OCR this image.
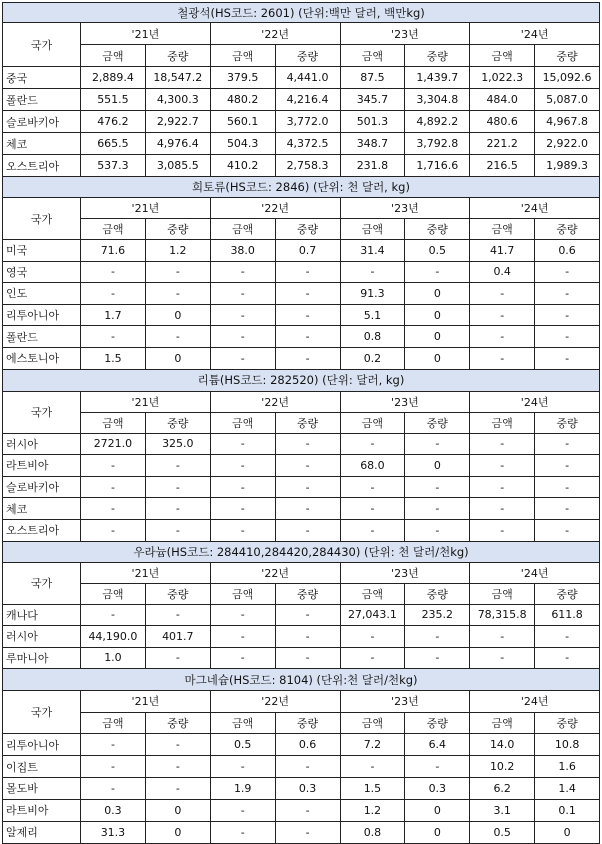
철광석(HS코드: 2601) (단위:백만 달러, 백만kg)								
국가	'21년		'22년		'23년		'24년	
	금액	중량	금액	중량	금액	중량	금액	중량
중국	2,889.4	18,547.2	379.5	4,441.0	87.5	1,439.7	1,022.3	15,092.6
폴란드	551.5	4,300.3	480.2	4,216.4	345.7	3,304.8	484.0	5,087.0
슬로바키아	476.2	2,922.7	560.1	3,772.0	501.3	4,892.2	480.6	4,967.8
체코	665.5	4,976.4	504.3	4,372.5	348.7	3,792.8	221.2	2,922.0
오스트리아	537.3	3,085.5	410.2	2,758.3	231.8	1,716.6	216.5	1,989.3
희토류(HS코드: 2846) (단위: 천 달러, kg)								
국가	'21년		'22년		'23년		'24년	
	금액	중량	금액	중량	금액	중량	금액	중량
미국	71.6	1.2	38.0	0.7	31.4	0.5	41.7	0.6
영국	-	-	-	-	-	-	0.4	-
인도	-	-	-	-	91.3	0	-	-
리투아니아	1.7	0	-	-	5.1	0	-	-
폴란드	-	-	-	-	0.8	0	-	-
에스토니아	1.5	0	-	-	0.2	0	-	-
리튬(HS코드: 282520) (단위: 달러, kg)								
국가	'21년		'22년		'23년		'24년	
	금액	중량	금액	중량	금액	중량	금액	중량
러시아	2721.0	325.0	-	-	-	-	-	-
라트비아	-	-	-	-	68.0	0	-	-
슬로바키아	-	-	-	-	-	-	-	-
체코	-	-	-	-	-	-	-	-
오스트리아	-	-	-	-	-	-	-	-
우라늄(HS코드: 284410,284420,284430) (단위: 천 달러/천kg)								
국가	'21년		'22년		'23년		'24년	
	금액	중량	금액	중량	금액	중량	금액	중량
캐나다	-	-	-	-	27,043.1	235.2	78,315.8	611.8
러시아	44,190.0	401.7	-	-	-	-	-	-
루마니아	1.0	-	-	-	-	-	-	-
마그네슘(HS코드: 8104) (단위:천 달러/천kg)								
국가	'21년		'22년		'23년		'24년	
	금액	중량	금액	중량	금액	중량	금액	중량
리투아니아	-	-	0.5	0.6	7.2	6.4	14.0	10.8
이집트	-	-	-	-	-	-	10.2	1.6
몰도바	-	-	1.9	0.3	1.5	0.3	6.2	1.4
라트비아	0.3	0	-	-	1.2	0	3.1	0.1
알제리	31.3	0	-	-	0.8	0	0.5	0
